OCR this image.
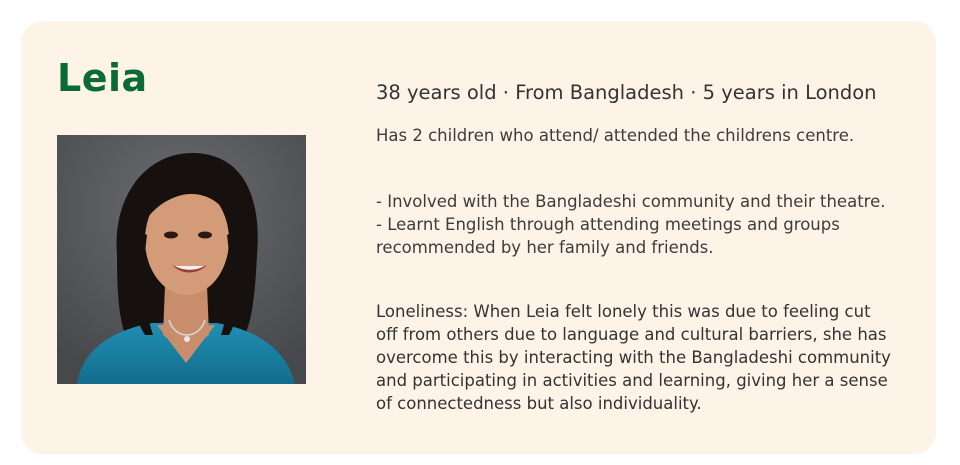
Leia	38 years old · From Bangladesh · 5 years in London

Has 2 children who attend/ attended the childrens centre.

- Involved with the Bangladeshi community and their theatre.
- Learnt English through attending meetings and groups recommended by her family and friends.

Loneliness: When Leia felt lonely this was due to feeling cut off from others due to language and cultural barriers, she has overcome this by interacting with the Bangladeshi community and participating in activities and learning, giving her a sense of connectedness but also individuality.
